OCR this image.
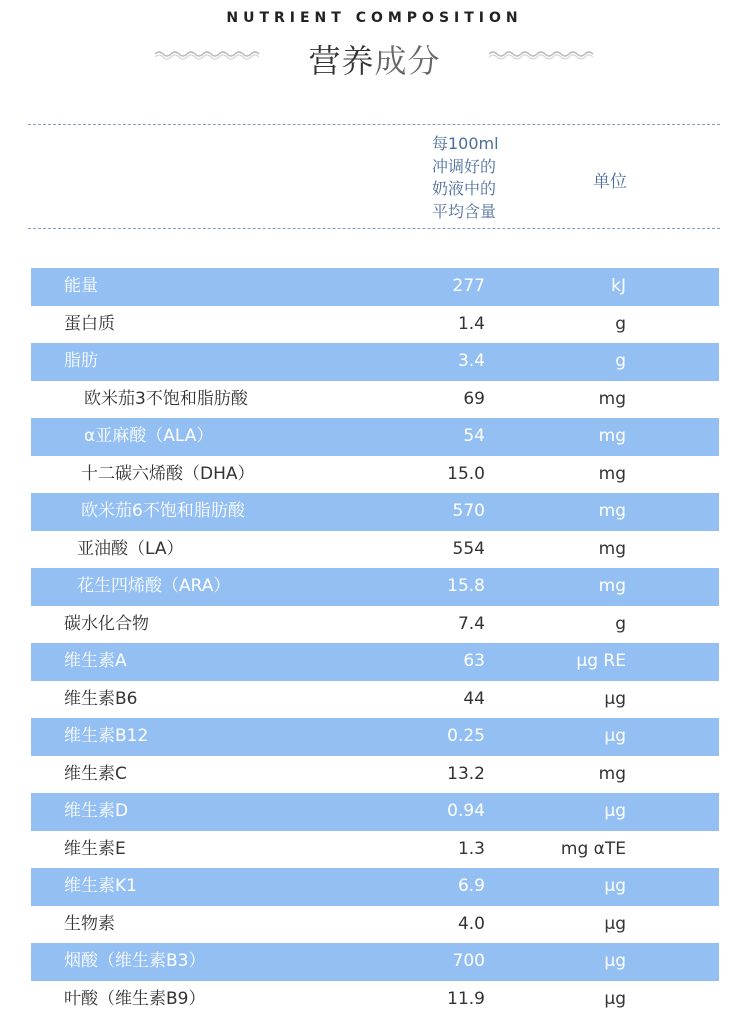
NUTRIENT COMPOSITION
营养成分
每100ml
冲调好的
奶液中的
平均含量
单位
能量	277	kJ
蛋白质	1.4	g
脂肪	3.4	g
欧米茄3不饱和脂肪酸	69	mg
α亚麻酸（ALA）	54	mg
十二碳六烯酸（DHA）	15.0	mg
欧米茄6不饱和脂肪酸	570	mg
亚油酸（LA）	554	mg
花生四烯酸（ARA）	15.8	mg
碳水化合物	7.4	g
维生素A	63	μg RE
维生素B6	44	μg
维生素B12	0.25	μg
维生素C	13.2	mg
维生素D	0.94	μg
维生素E	1.3	mg αTE
维生素K1	6.9	μg
生物素	4.0	μg
烟酸（维生素B3）	700	μg
叶酸（维生素B9）	11.9	μg
